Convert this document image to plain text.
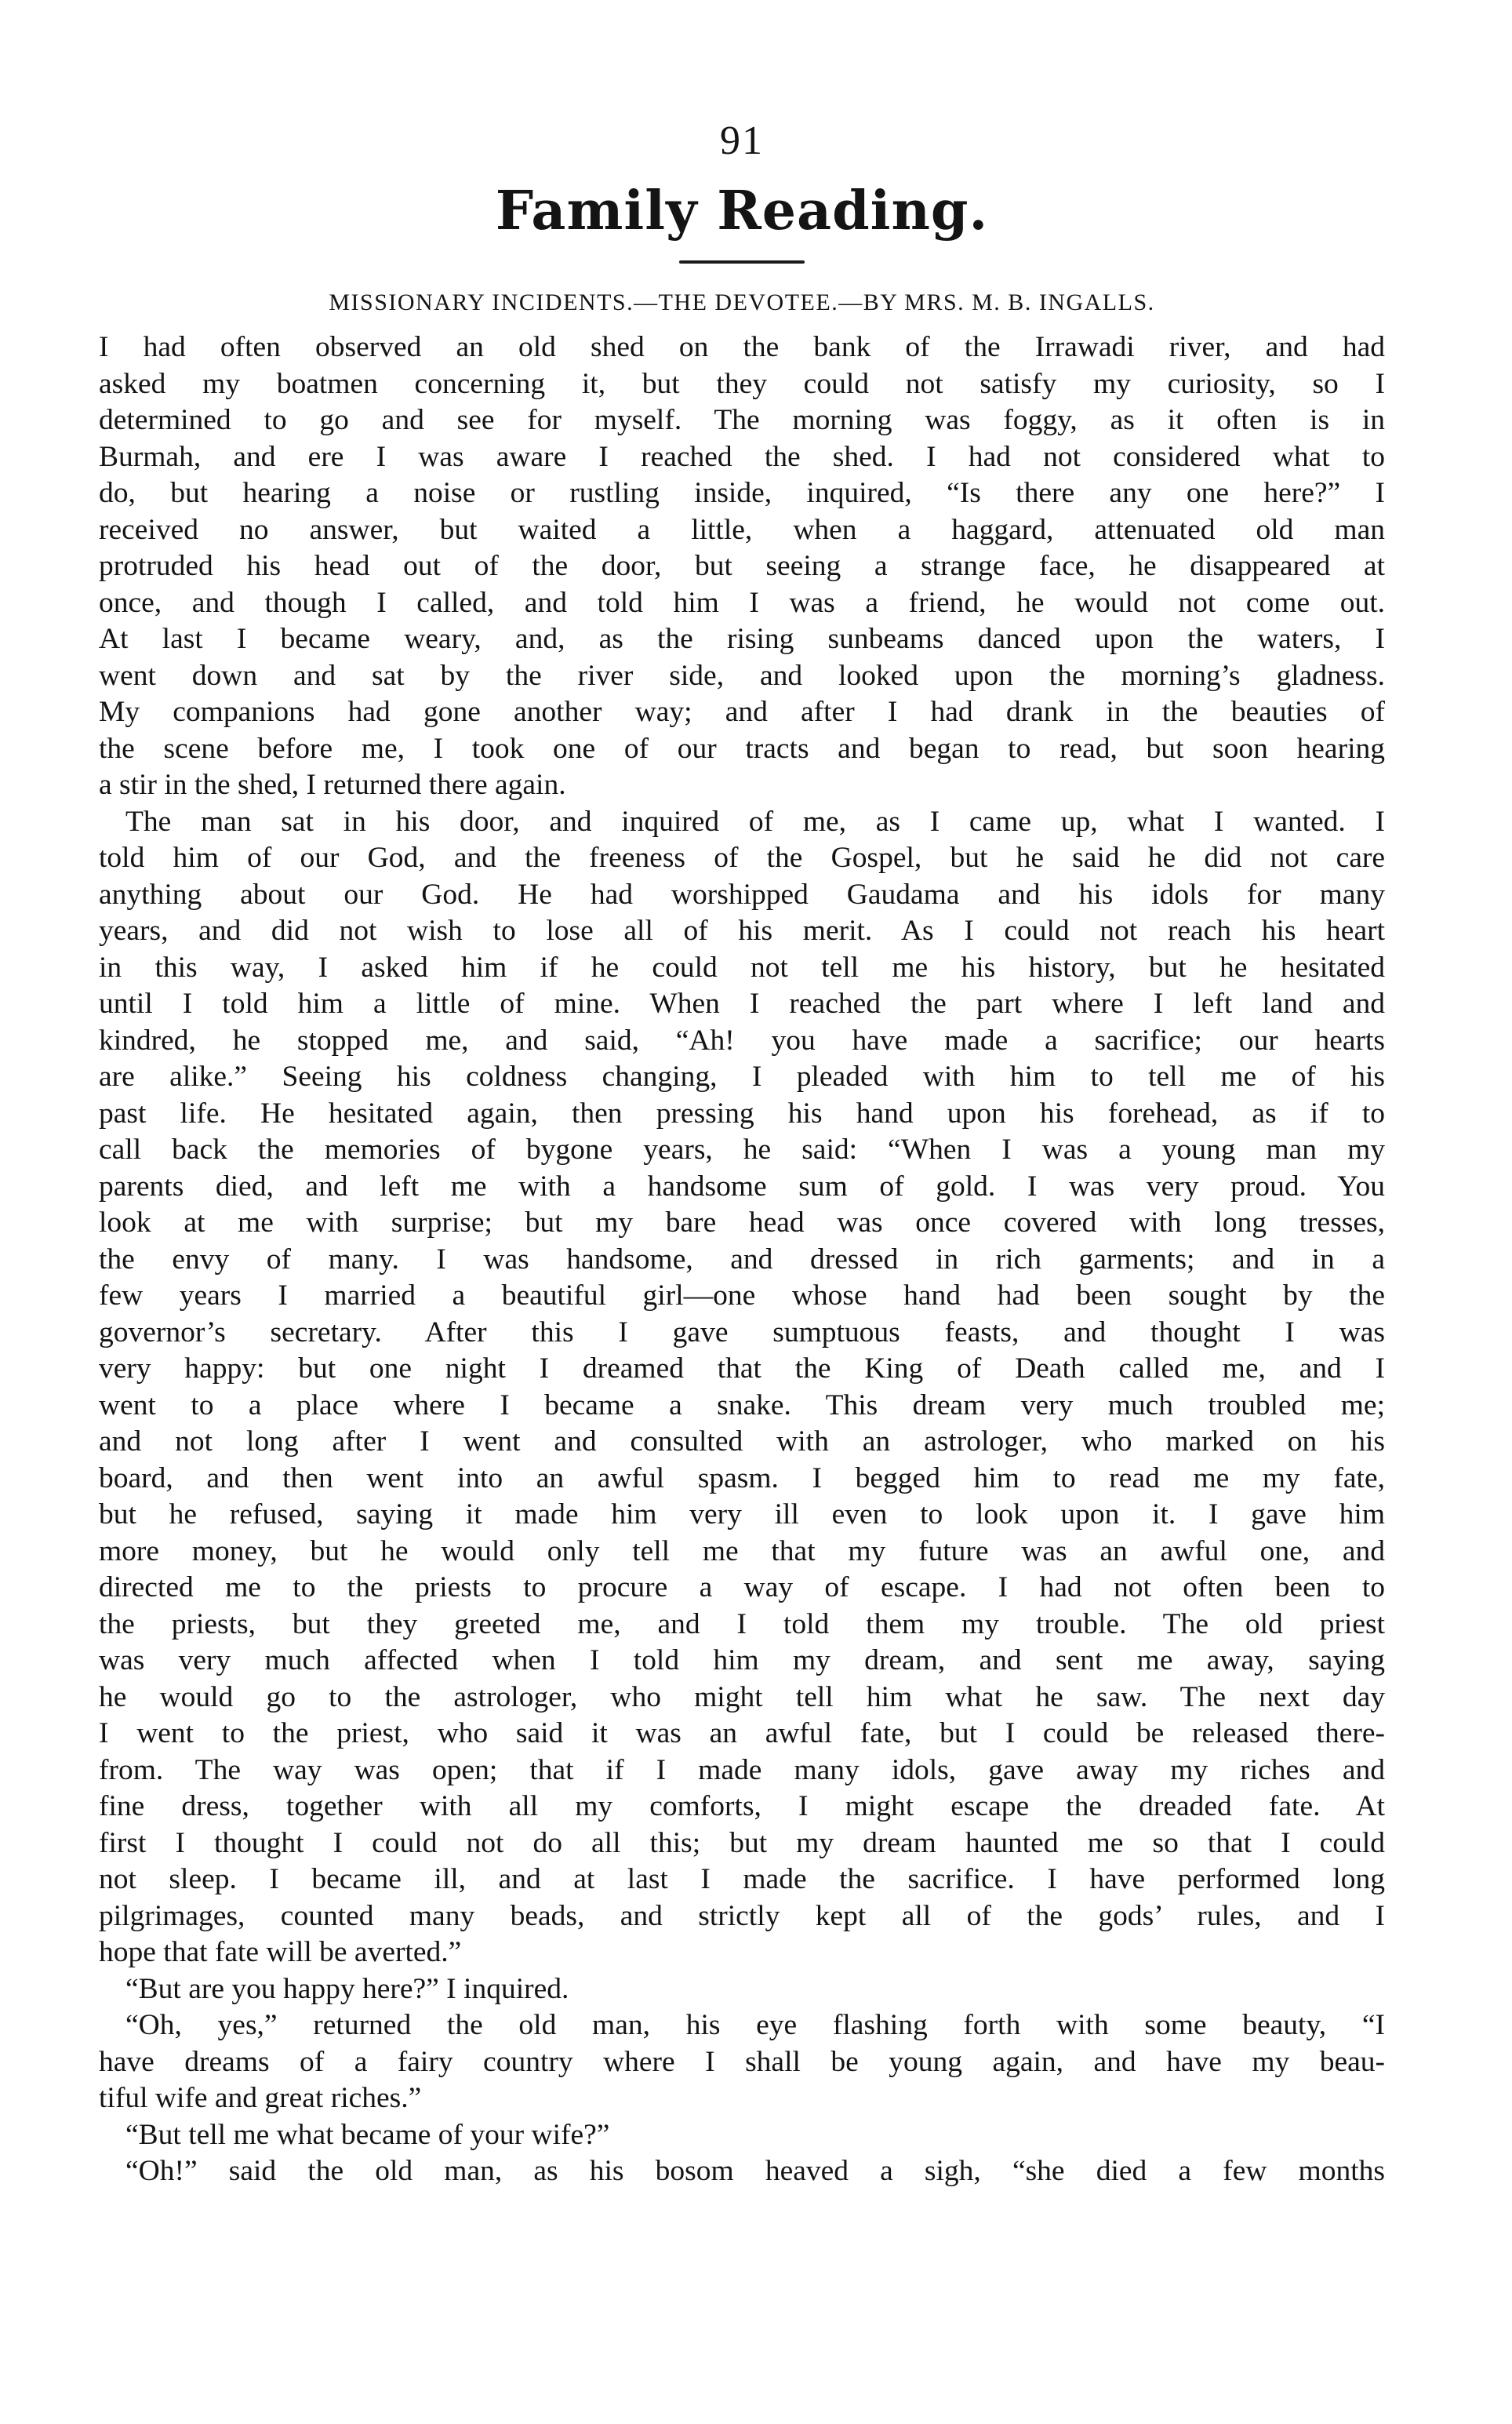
91
Family Reading.
MISSIONARY INCIDENTS.—THE DEVOTEE.—BY MRS. M. B. INGALLS.
I had often observed an old shed on the bank of the Irrawadi river, and had
asked my boatmen concerning it, but they could not satisfy my curiosity, so I
determined to go and see for myself. The morning was foggy, as it often is in
Burmah, and ere I was aware I reached the shed. I had not considered what to
do, but hearing a noise or rustling inside, inquired, “Is there any one here?” I
received no answer, but waited a little, when a haggard, attenuated old man
protruded his head out of the door, but seeing a strange face, he disappeared at
once, and though I called, and told him I was a friend, he would not come out.
At last I became weary, and, as the rising sunbeams danced upon the waters, I
went down and sat by the river side, and looked upon the morning’s gladness.
My companions had gone another way; and after I had drank in the beauties of
the scene before me, I took one of our tracts and began to read, but soon hearing
a stir in the shed, I returned there again.
The man sat in his door, and inquired of me, as I came up, what I wanted. I
told him of our God, and the freeness of the Gospel, but he said he did not care
anything about our God. He had worshipped Gaudama and his idols for many
years, and did not wish to lose all of his merit. As I could not reach his heart
in this way, I asked him if he could not tell me his history, but he hesitated
until I told him a little of mine. When I reached the part where I left land and
kindred, he stopped me, and said, “Ah! you have made a sacrifice; our hearts
are alike.” Seeing his coldness changing, I pleaded with him to tell me of his
past life. He hesitated again, then pressing his hand upon his forehead, as if to
call back the memories of bygone years, he said: “When I was a young man my
parents died, and left me with a handsome sum of gold. I was very proud. You
look at me with surprise; but my bare head was once covered with long tresses,
the envy of many. I was handsome, and dressed in rich garments; and in a
few years I married a beautiful girl—one whose hand had been sought by the
governor’s secretary. After this I gave sumptuous feasts, and thought I was
very happy: but one night I dreamed that the King of Death called me, and I
went to a place where I became a snake. This dream very much troubled me;
and not long after I went and consulted with an astrologer, who marked on his
board, and then went into an awful spasm. I begged him to read me my fate,
but he refused, saying it made him very ill even to look upon it. I gave him
more money, but he would only tell me that my future was an awful one, and
directed me to the priests to procure a way of escape. I had not often been to
the priests, but they greeted me, and I told them my trouble. The old priest
was very much affected when I told him my dream, and sent me away, saying
he would go to the astrologer, who might tell him what he saw. The next day
I went to the priest, who said it was an awful fate, but I could be released there-
from. The way was open; that if I made many idols, gave away my riches and
fine dress, together with all my comforts, I might escape the dreaded fate. At
first I thought I could not do all this; but my dream haunted me so that I could
not sleep. I became ill, and at last I made the sacrifice. I have performed long
pilgrimages, counted many beads, and strictly kept all of the gods’ rules, and I
hope that fate will be averted.”
“But are you happy here?” I inquired.
“Oh, yes,” returned the old man, his eye flashing forth with some beauty, “I
have dreams of a fairy country where I shall be young again, and have my beau-
tiful wife and great riches.”
“But tell me what became of your wife?”
“Oh!” said the old man, as his bosom heaved a sigh, “she died a few months
